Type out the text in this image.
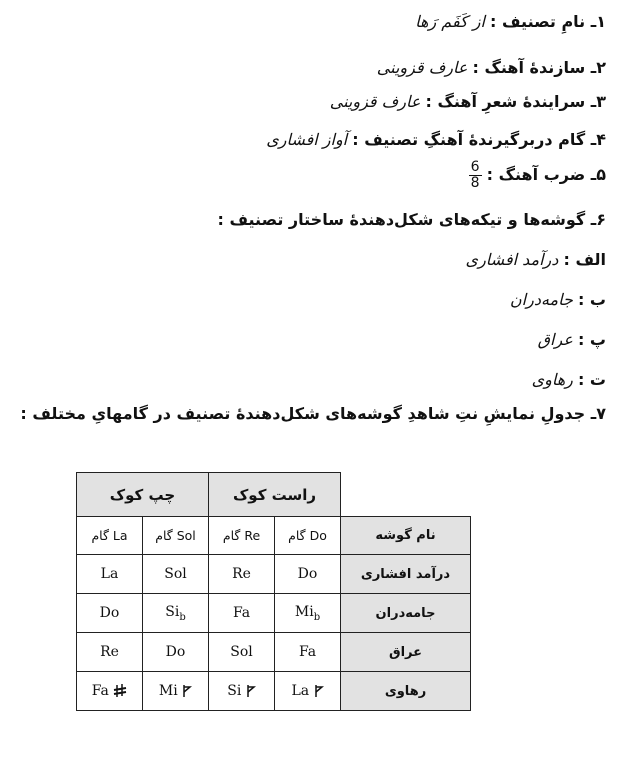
۱ـ نامِ تصنیف : از کَفَم رَها
۲ـ سازندهٔ آهنگ : عارف قزوینی
۳ـ سرایندهٔ شعرِ آهنگ : عارف قزوینی
۴ـ گام دربرگیرندهٔ آهنگِ تصنیف : آواز افشاری
۵ـ ضرب آهنگ :
$\frac{6}{8}$
۶ـ گوشه‌ها و تیکه‌های شکل‌دهندهٔ ساختار تصنیف :
الف : درآمد افشاری
ب : جامه‌دران
پ : عراق
ت : رهاوی
۷ـ جدولِ نمایشِ نتِ شاهدِ گوشه‌های شکل‌دهندهٔ تصنیف در گامهایِ مختلف :
چپ کوک		راست کوک		
گام La	گام Sol	گام Re	گام Do	نام گوشه
La	Sol	Re	Do	درآمد افشاری
Do	$Si_b$	Fa	$Mi_b$	جامه‌دران
Re	Do	Sol	Fa	عراق
Fa	Mi	Si	La	رهاوی
